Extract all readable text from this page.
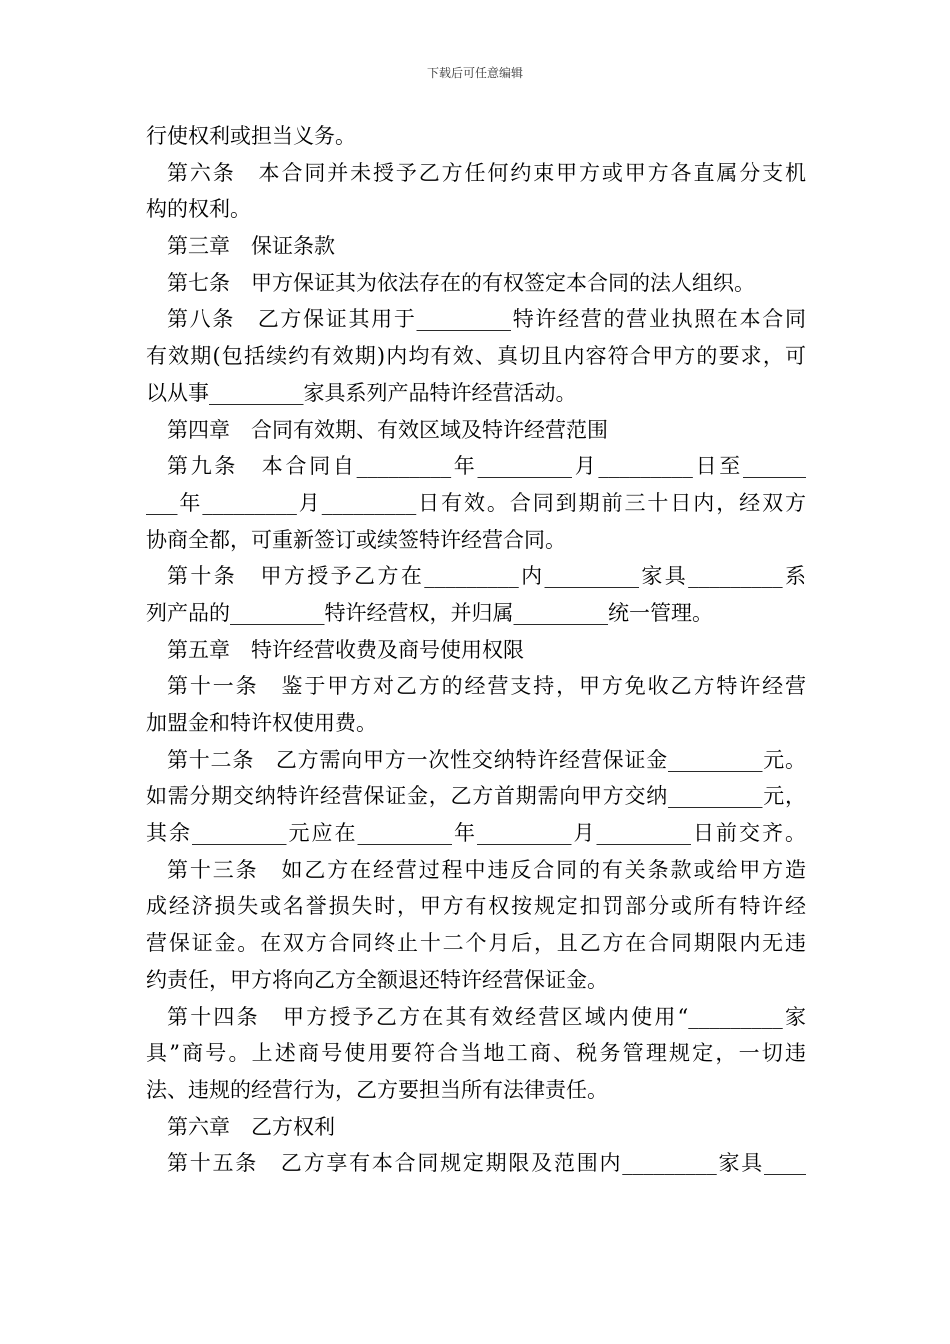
下载后可任意编辑
行使权利或担当义务。
第六条　本合同并未授予乙方任何约束甲方或甲方各直属分支机
构的权利。
第三章　保证条款
第七条　甲方保证其为依法存在的有权签定本合同的法人组织。
第八条　乙方保证其用于_________特许经营的营业执照在本合同
有效期(包括续约有效期)内均有效、真切且内容符合甲方的要求，可
以从事_________家具系列产品特许经营活动。
第四章　合同有效期、有效区域及特许经营范围
第九条　本合同自_________年_________月_________日至______
___年_________月_________日有效。合同到期前三十日内，经双方
协商全都，可重新签订或续签特许经营合同。
第十条　甲方授予乙方在_________内_________家具_________系
列产品的_________特许经营权，并归属_________统一管理。
第五章　特许经营收费及商号使用权限
第十一条　鉴于甲方对乙方的经营支持，甲方免收乙方特许经营
加盟金和特许权使用费。
第十二条　乙方需向甲方一次性交纳特许经营保证金_________元。
如需分期交纳特许经营保证金，乙方首期需向甲方交纳_________元，
其余_________元应在_________年_________月_________日前交齐。
第十三条　如乙方在经营过程中违反合同的有关条款或给甲方造
成经济损失或名誉损失时，甲方有权按规定扣罚部分或所有特许经
营保证金。在双方合同终止十二个月后，且乙方在合同期限内无违
约责任，甲方将向乙方全额退还特许经营保证金。
第十四条　甲方授予乙方在其有效经营区域内使用“_________家
具”商号。上述商号使用要符合当地工商、税务管理规定，一切违
法、违规的经营行为，乙方要担当所有法律责任。
第六章　乙方权利
第十五条　乙方享有本合同规定期限及范围内_________家具____
